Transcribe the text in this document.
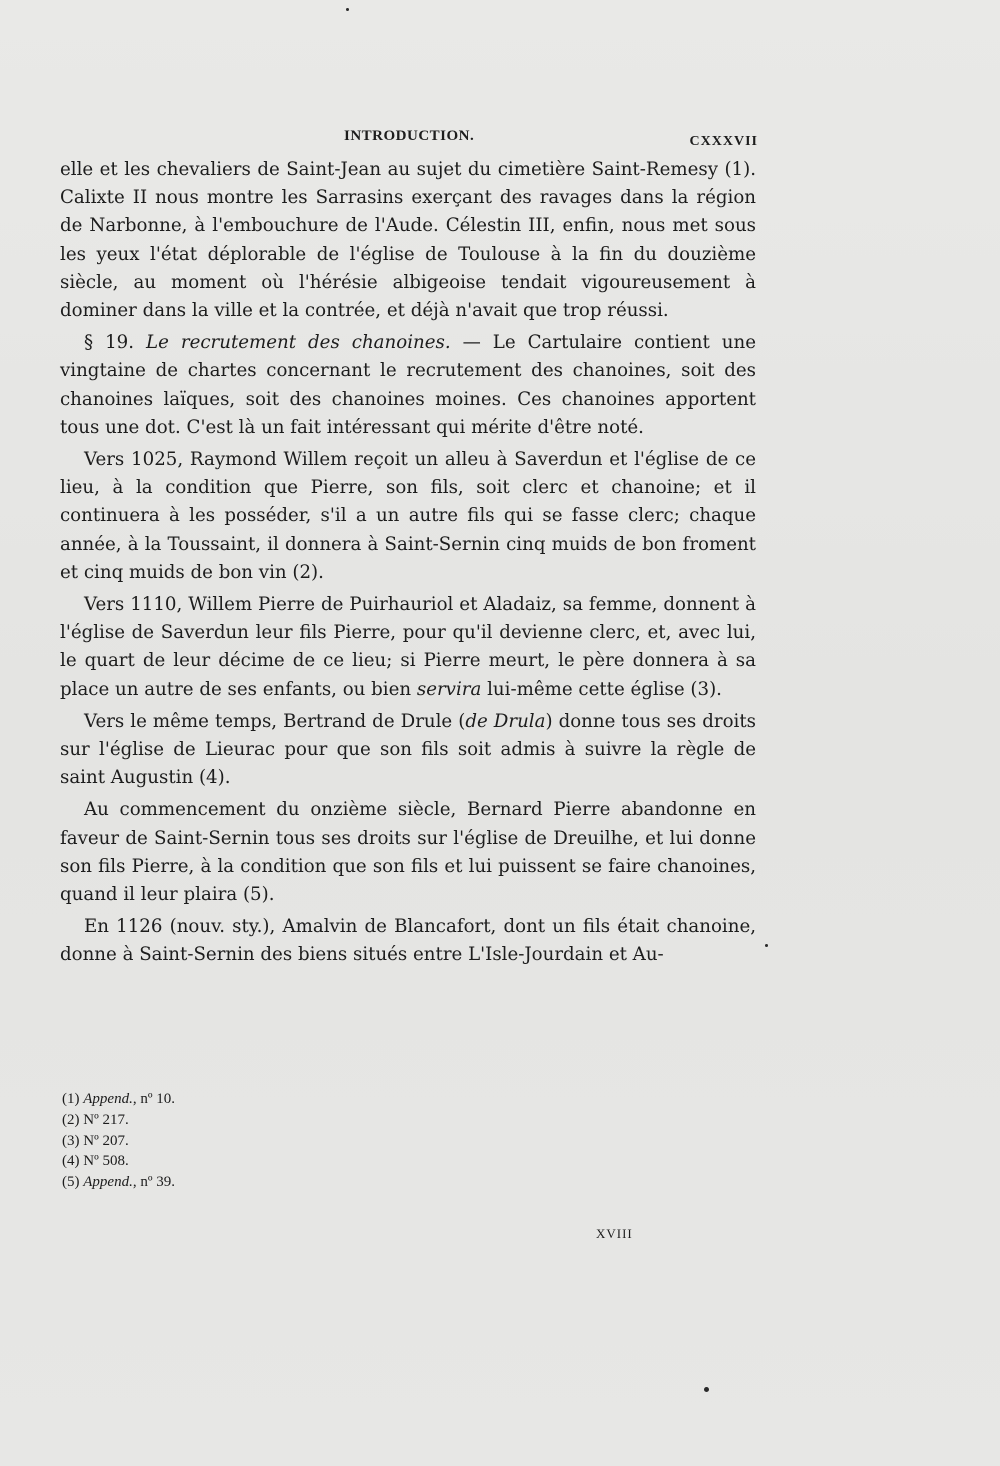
INTRODUCTION.	CXXXVII

elle et les chevaliers de Saint-Jean au sujet du cimetière Saint-Remesy (1). Calixte II nous montre les Sarrasins exerçant des ravages dans la région de Narbonne, à l'embouchure de l'Aude. Célestin III, enfin, nous met sous les yeux l'état déplorable de l'église de Toulouse à la fin du douzième siècle, au moment où l'hérésie albigeoise tendait vigoureusement à dominer dans la ville et la contrée, et déjà n'avait que trop réussi.

§ 19. Le recrutement des chanoines. — Le Cartulaire contient une vingtaine de chartes concernant le recrutement des chanoines, soit des chanoines laïques, soit des chanoines moines. Ces chanoines apportent tous une dot. C'est là un fait intéressant qui mérite d'être noté.

Vers 1025, Raymond Willem reçoit un alleu à Saverdun et l'église de ce lieu, à la condition que Pierre, son fils, soit clerc et chanoine; et il continuera à les posséder, s'il a un autre fils qui se fasse clerc; chaque année, à la Toussaint, il donnera à Saint-Sernin cinq muids de bon froment et cinq muids de bon vin (2).

Vers 1110, Willem Pierre de Puirhauriol et Aladaiz, sa femme, donnent à l'église de Saverdun leur fils Pierre, pour qu'il devienne clerc, et, avec lui, le quart de leur décime de ce lieu; si Pierre meurt, le père donnera à sa place un autre de ses enfants, ou bien servira lui-même cette église (3).

Vers le même temps, Bertrand de Drule (de Drula) donne tous ses droits sur l'église de Lieurac pour que son fils soit admis à suivre la règle de saint Augustin (4).

Au commencement du onzième siècle, Bernard Pierre abandonne en faveur de Saint-Sernin tous ses droits sur l'église de Dreuilhe, et lui donne son fils Pierre, à la condition que son fils et lui puissent se faire chanoines, quand il leur plaira (5).

En 1126 (nouv. sty.), Amalvin de Blancafort, dont un fils était chanoine, donne à Saint-Sernin des biens situés entre L'Isle-Jourdain et Au-

(1) Append., nº 10.

(2) Nº 217.

(3) Nº 207.

(4) Nº 508.

(5) Append., nº 39.

XVIII
